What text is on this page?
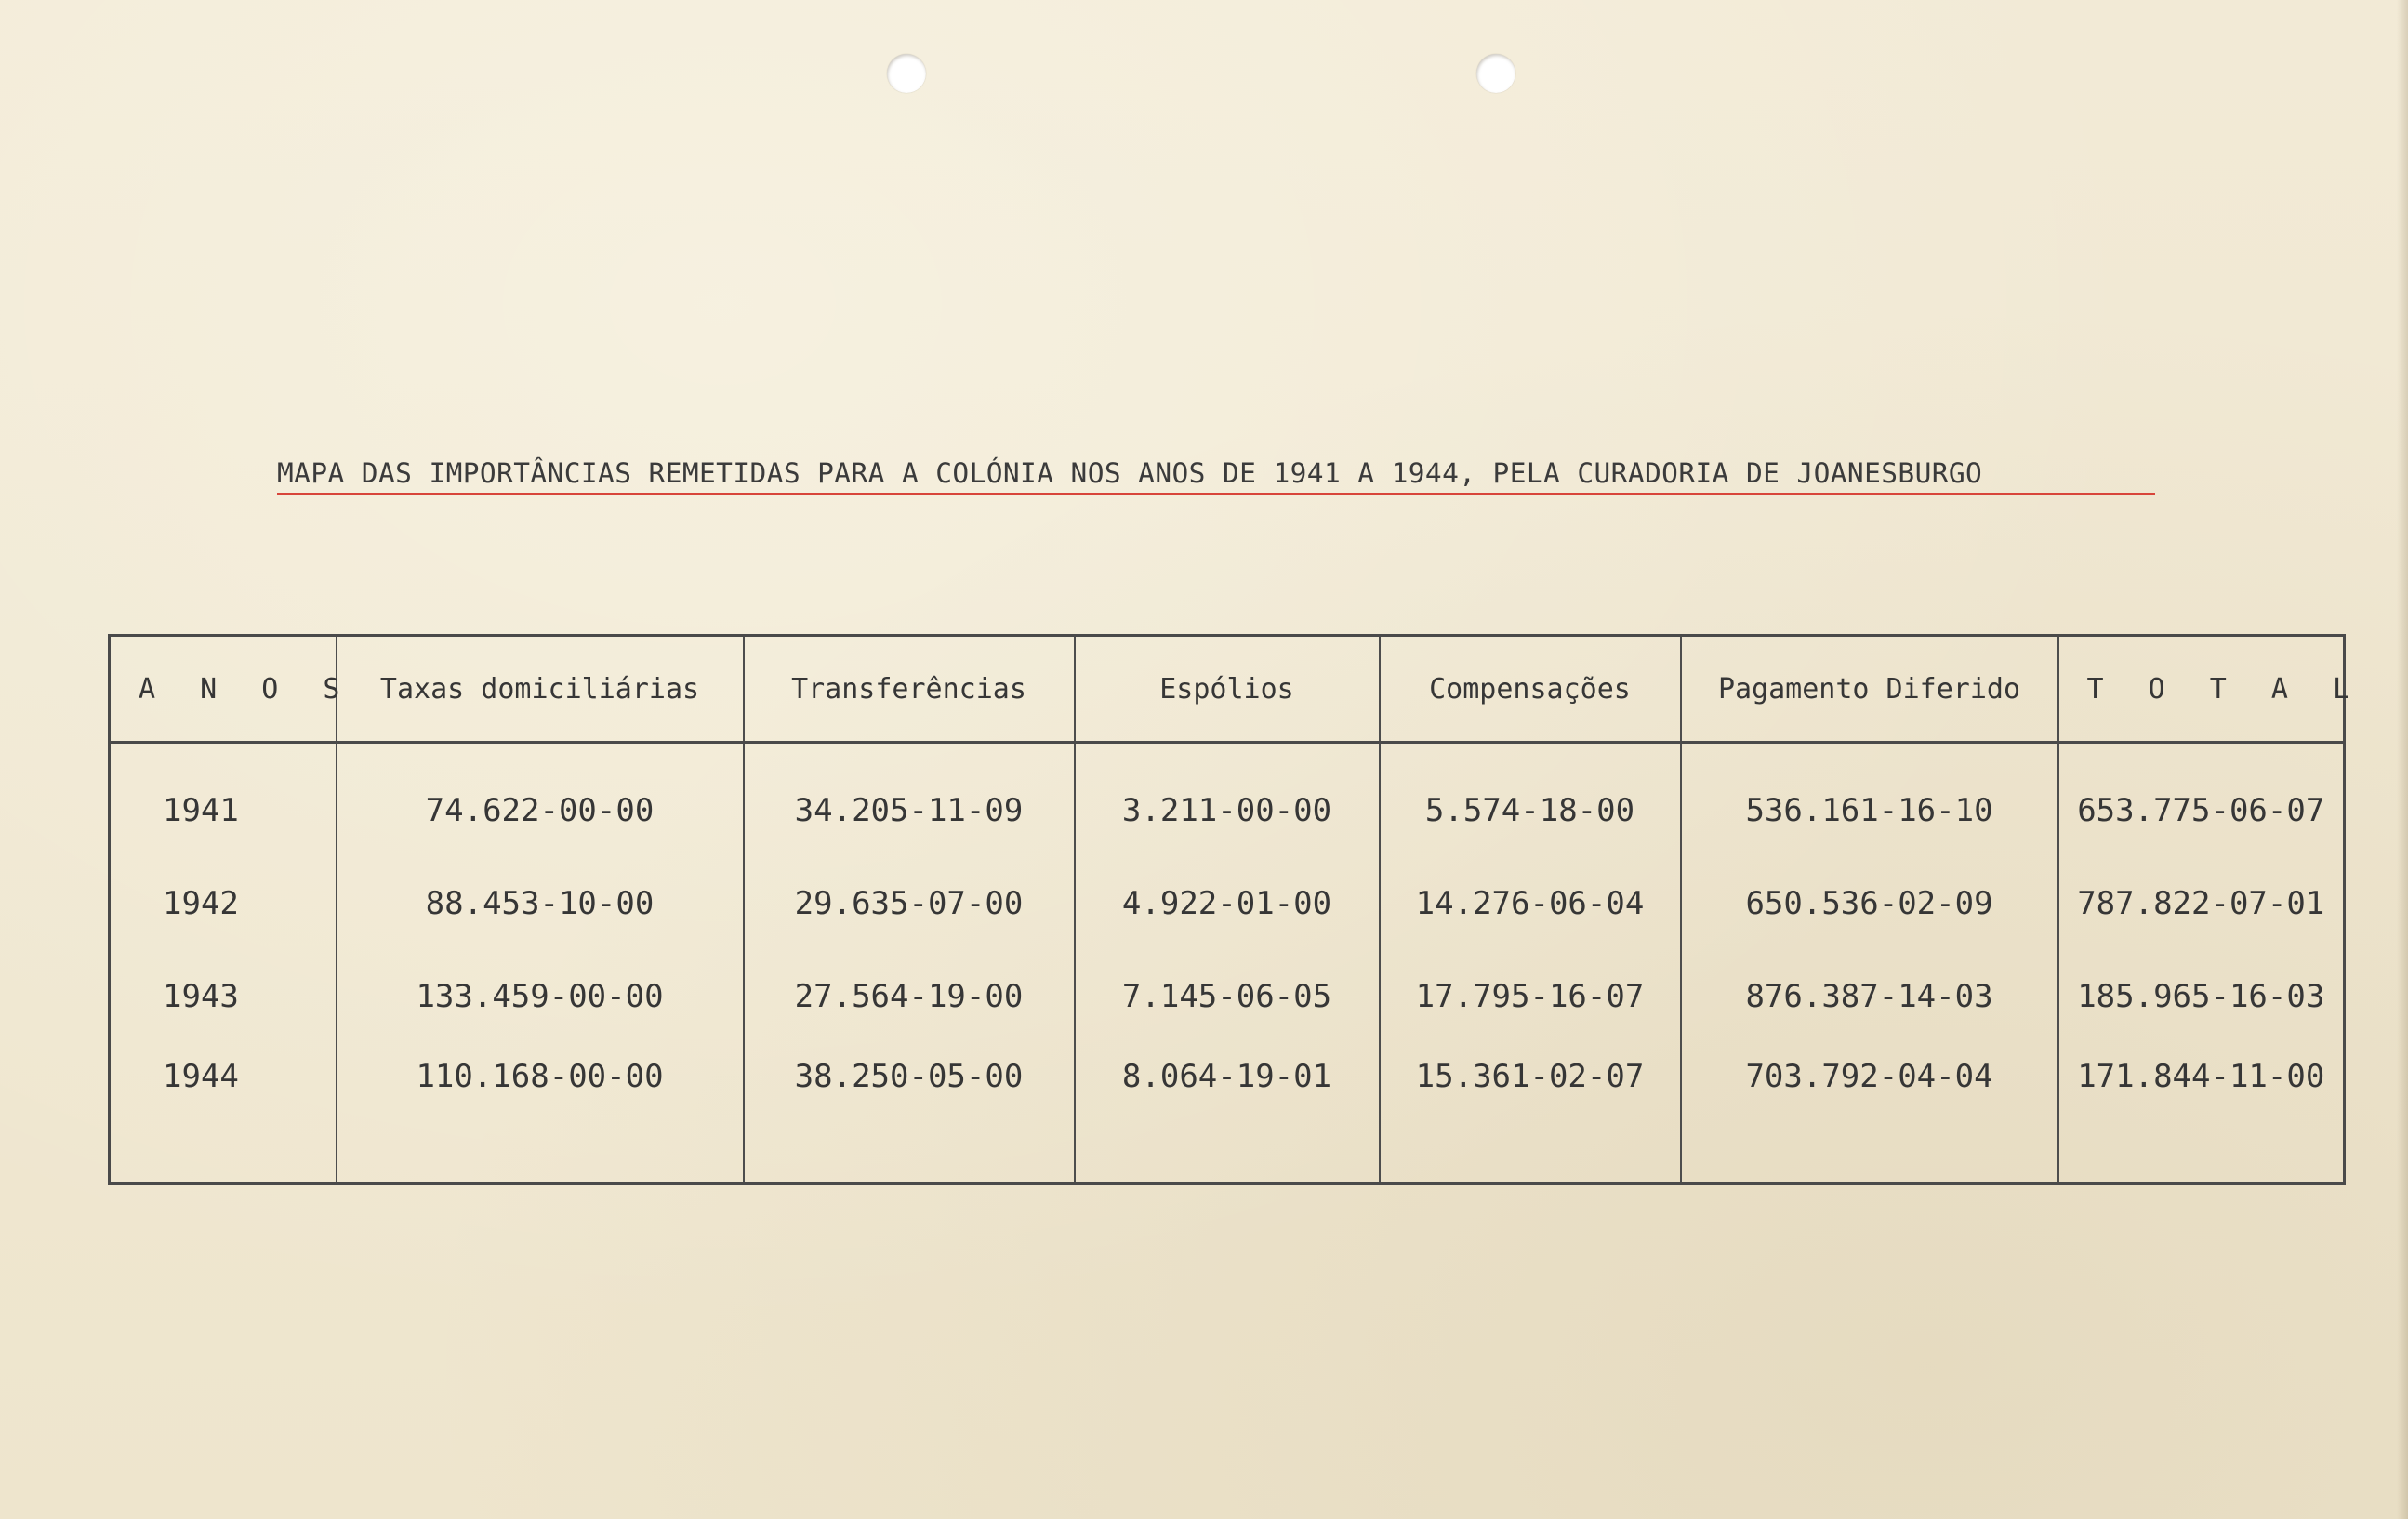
MAPA DAS IMPORTÂNCIAS REMETIDAS PARA A COLÓNIA NOS ANOS DE 1941 A 1944, PELA CURADORIA DE JOANESBURGO
A N O S	Taxas domiciliárias	Transferências	Espólios	Compensações	Pagamento Diferido	T O T A L
1941	74.622-00-00	34.205-11-09	3.211-00-00	5.574-18-00	536.161-16-10	653.775-06-07
1942	88.453-10-00	29.635-07-00	4.922-01-00	14.276-06-04	650.536-02-09	787.822-07-01
1943	133.459-00-00	27.564-19-00	7.145-06-05	17.795-16-07	876.387-14-03	185.965-16-03
1944	110.168-00-00	38.250-05-00	8.064-19-01	15.361-02-07	703.792-04-04	171.844-11-00
